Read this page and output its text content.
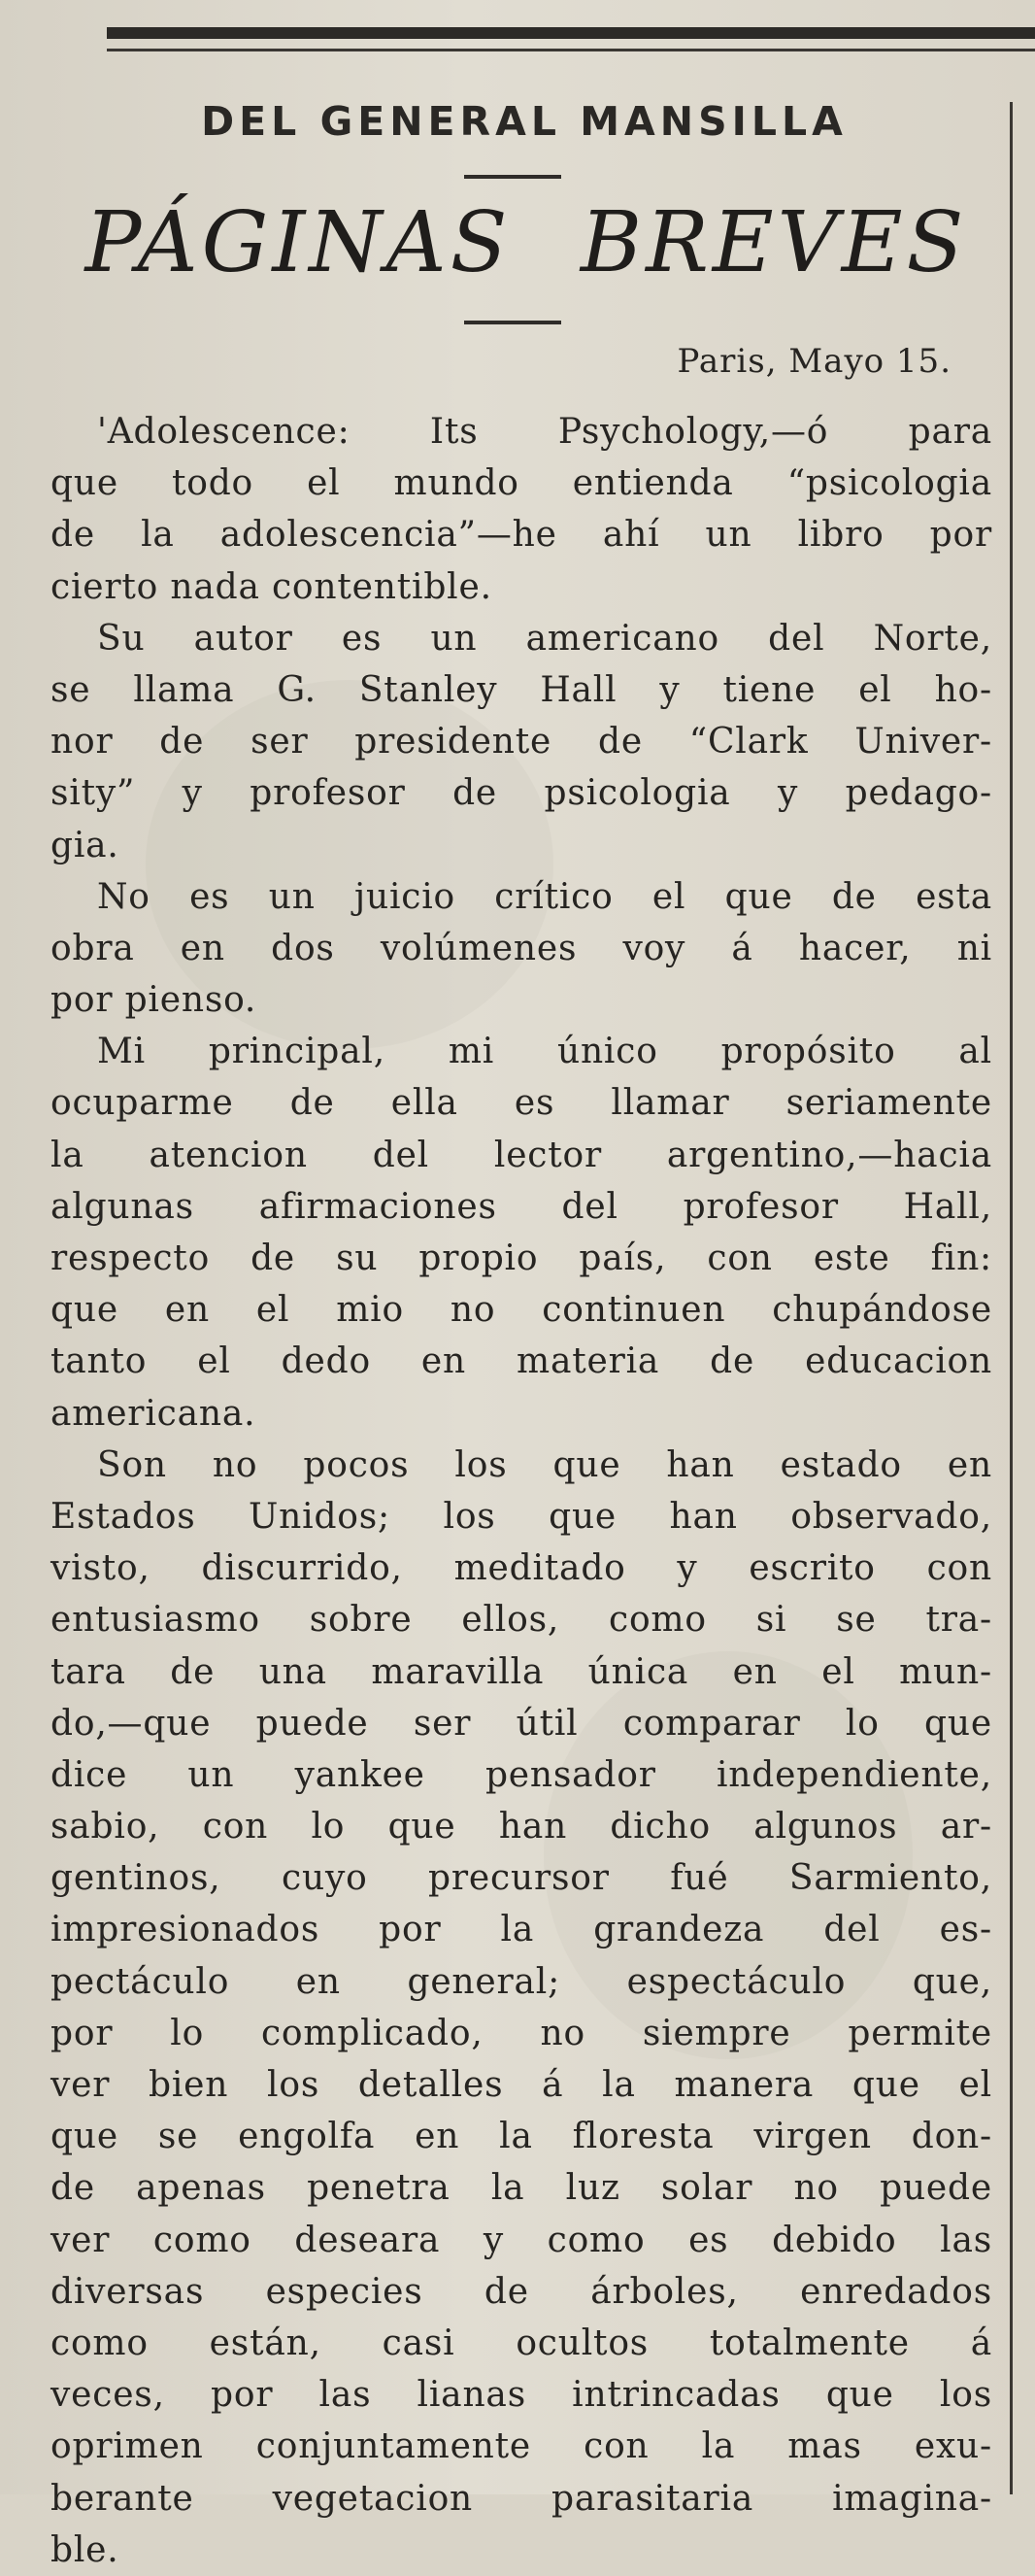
DEL GENERAL MANSILLA
PÁGINAS BREVES
Paris, Mayo 15.
'Adolescence: Its Psychology,—ó para
que todo el mundo entienda “psicologia
de la adolescencia”—he ahí un libro por
cierto nada contentible.
Su autor es un americano del Norte,
se llama G. Stanley Hall y tiene el ho-
nor de ser presidente de “Clark Univer-
sity” y profesor de psicologia y pedago-
gia.
No es un juicio crítico el que de esta
obra en dos volúmenes voy á hacer, ni
por pienso.
Mi principal, mi único propósito al
ocuparme de ella es llamar seriamente
la atencion del lector argentino,—hacia
algunas afirmaciones del profesor Hall,
respecto de su propio país, con este fin:
que en el mio no continuen chupándose
tanto el dedo en materia de educacion
americana.
Son no pocos los que han estado en
Estados Unidos; los que han observado,
visto, discurrido, meditado y escrito con
entusiasmo sobre ellos, como si se tra-
tara de una maravilla única en el mun-
do,—que puede ser útil comparar lo que
dice un yankee pensador independiente,
sabio, con lo que han dicho algunos ar-
gentinos, cuyo precursor fué Sarmiento,
impresionados por la grandeza del es-
pectáculo en general; espectáculo que,
por lo complicado, no siempre permite
ver bien los detalles á la manera que el
que se engolfa en la floresta virgen don-
de apenas penetra la luz solar no puede
ver como deseara y como es debido las
diversas especies de árboles, enredados
como están, casi ocultos totalmente á
veces, por las lianas intrincadas que los
oprimen conjuntamente con la mas exu-
berante vegetacion parasitaria imagina-
ble.
